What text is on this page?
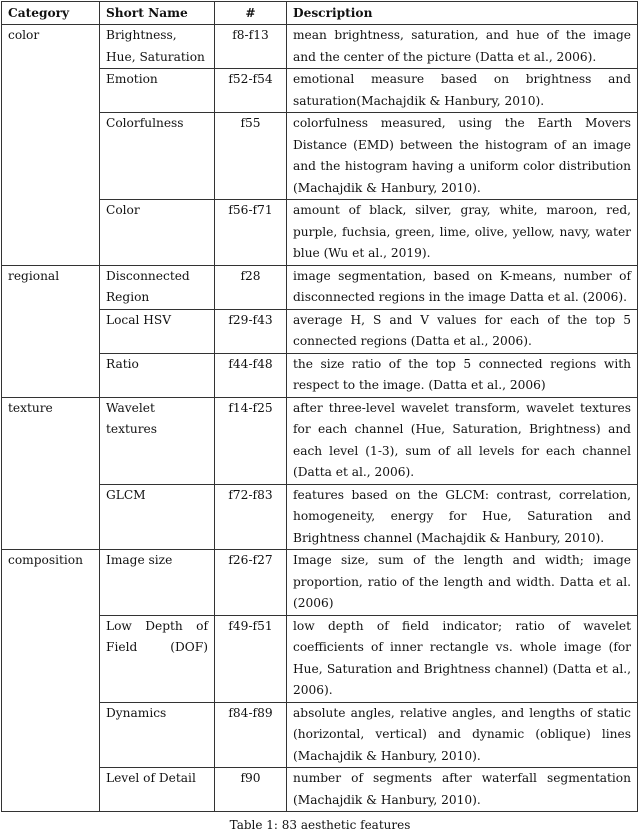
Category	Short Name	#	Description
color	Brightness, Hue, Saturation	f8-f13	mean brightness, saturation, and hue of the image and the center of the picture (Datta et al., 2006).
	Emotion	f52-f54	emotional measure based on brightness and saturation(Machajdik & Hanbury, 2010).
	Colorfulness	f55	colorfulness measured, using the Earth Movers Distance (EMD) between the histogram of an image and the histogram having a uniform color distribution (Machajdik & Hanbury, 2010).
	Color	f56-f71	amount of black, silver, gray, white, maroon, red, purple, fuchsia, green, lime, olive, yellow, navy, water blue (Wu et al., 2019).
regional	Disconnected Region	f28	image segmentation, based on K-means, number of disconnected regions in the image Datta et al. (2006).
	Local HSV	f29-f43	average H, S and V values for each of the top 5 connected regions (Datta et al., 2006).
	Ratio	f44-f48	the size ratio of the top 5 connected regions with respect to the image. (Datta et al., 2006)
texture	Wavelet textures	f14-f25	after three-level wavelet transform, wavelet textures for each channel (Hue, Saturation, Brightness) and each level (1-3), sum of all levels for each channel (Datta et al., 2006).
	GLCM	f72-f83	features based on the GLCM: contrast, correlation, homogeneity, energy for Hue, Saturation and Brightness channel (Machajdik & Hanbury, 2010).
composition	Image size	f26-f27	Image size, sum of the length and width; image proportion, ratio of the length and width. Datta et al. (2006)
	Low Depth of Field (DOF)	f49-f51	low depth of field indicator; ratio of wavelet coefficients of inner rectangle vs. whole image (for Hue, Saturation and Brightness channel) (Datta et al., 2006).
	Dynamics	f84-f89	absolute angles, relative angles, and lengths of static (horizontal, vertical) and dynamic (oblique) lines (Machajdik & Hanbury, 2010).
	Level of Detail	f90	number of segments after waterfall segmentation (Machajdik & Hanbury, 2010).
Table 1: 83 aesthetic features
